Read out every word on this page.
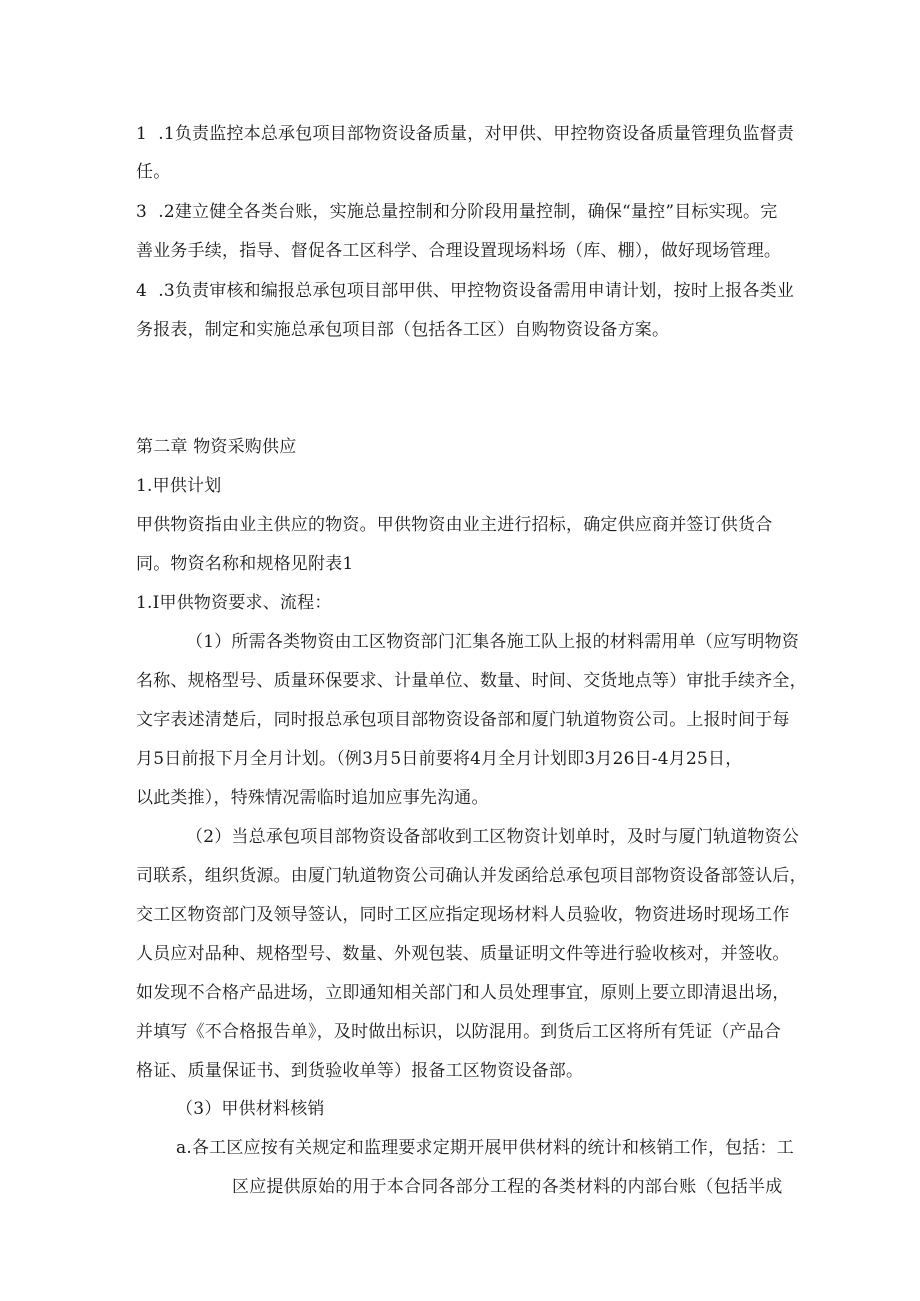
1  .1负责监控本总承包项目部物资设备质量，对甲供、甲控物资设备质量管理负监督责
任。
3  .2建立健全各类台账，实施总量控制和分阶段用量控制，确保“量控”目标实现。完
善业务手续，指导、督促各工区科学、合理设置现场料场（库、棚），做好现场管理。
4  .3负责审核和编报总承包项目部甲供、甲控物资设备需用申请计划，按时上报各类业
务报表，制定和实施总承包项目部（包括各工区）自购物资设备方案。
第二章 物资采购供应
1.甲供计划
甲供物资指由业主供应的物资。甲供物资由业主进行招标，确定供应商并签订供货合
同。物资名称和规格见附表1
1.I甲供物资要求、流程：
（1）所需各类物资由工区物资部门汇集各施工队上报的材料需用单（应写明物资
名称、规格型号、质量环保要求、计量单位、数量、时间、交货地点等）审批手续齐全，
文字表述清楚后，同时报总承包项目部物资设备部和厦门轨道物资公司。上报时间于每
月5日前报下月全月计划。（例3月5日前要将4月全月计划即3月26日-4月25日，
以此类推），特殊情况需临时追加应事先沟通。
（2）当总承包项目部物资设备部收到工区物资计划单时，及时与厦门轨道物资公
司联系，组织货源。由厦门轨道物资公司确认并发函给总承包项目部物资设备部签认后，
交工区物资部门及领导签认，同时工区应指定现场材料人员验收，物资进场时现场工作
人员应对品种、规格型号、数量、外观包装、质量证明文件等进行验收核对，并签收。
如发现不合格产品进场，立即通知相关部门和人员处理事宜，原则上要立即清退出场，
并填写《不合格报告单》，及时做出标识，以防混用。到货后工区将所有凭证（产品合
格证、质量保证书、到货验收单等）报备工区物资设备部。
（3）甲供材料核销
a.各工区应按有关规定和监理要求定期开展甲供材料的统计和核销工作，包括：工
区应提供原始的用于本合同各部分工程的各类材料的内部台账（包括半成
